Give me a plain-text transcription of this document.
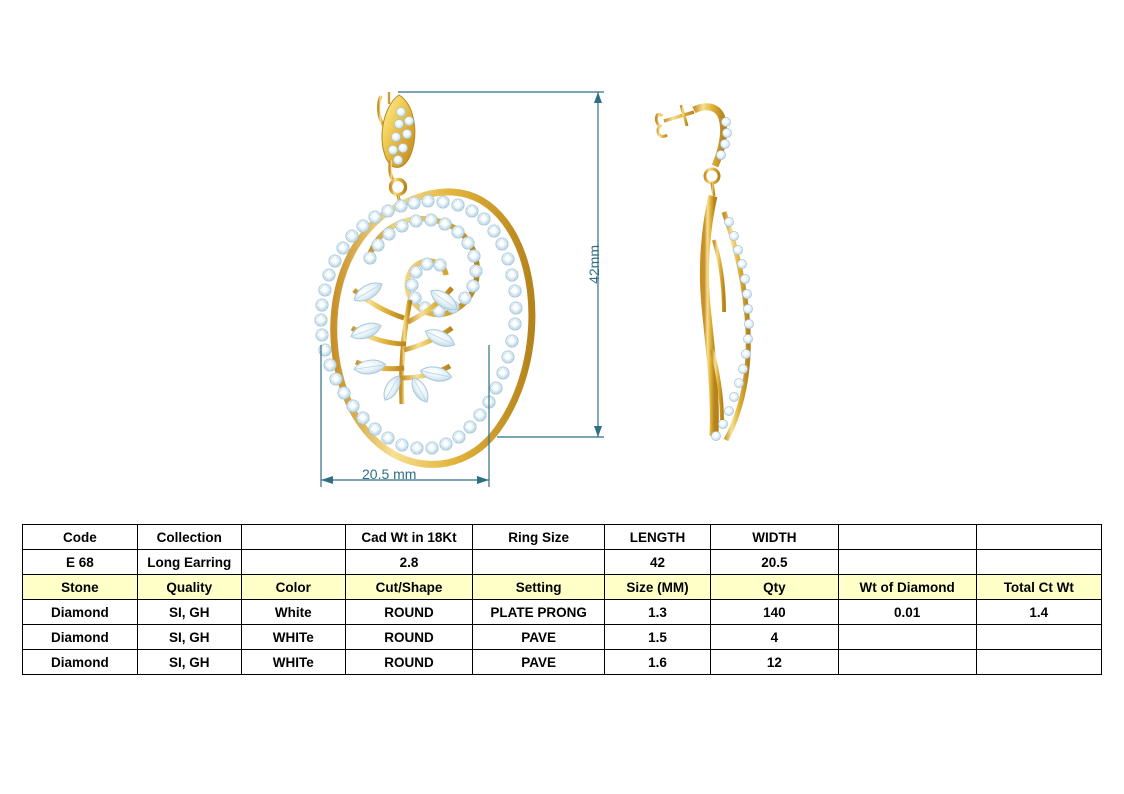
42mm
20.5 mm
Code	Collection		Cad Wt in 18Kt	Ring Size	LENGTH	WIDTH		
E 68	Long Earring		2.8		42	20.5		
Stone	Quality	Color	Cut/Shape	Setting	Size (MM)	Qty	Wt of Diamond	Total Ct Wt
Diamond	SI, GH	White	ROUND	PLATE PRONG	1.3	140	0.01	1.4
Diamond	SI, GH	WHITe	ROUND	PAVE	1.5	4		
Diamond	SI, GH	WHITe	ROUND	PAVE	1.6	12		
